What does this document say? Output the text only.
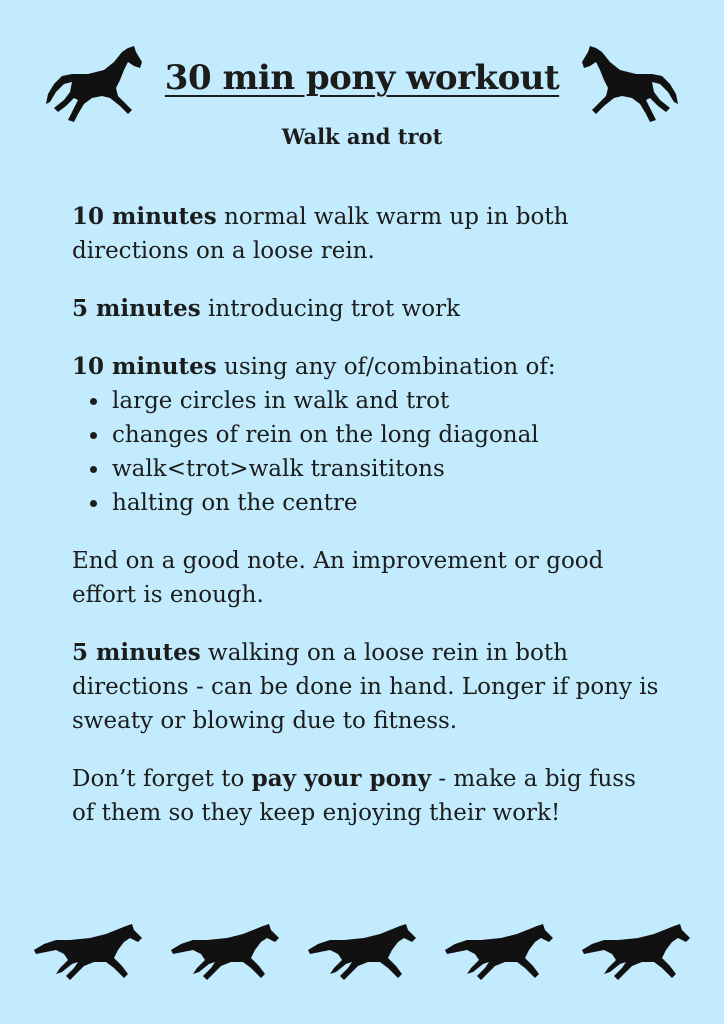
30 min pony workout
Walk and trot

10 minutes normal walk warm up in both directions on a loose rein.

5 minutes introducing trot work

10 minutes using any of/combination of:

large circles in walk and trot
changes of rein on the long diagonal
walk<trot>walk transititons
halting on the centre

End on a good note. An improvement or good effort is enough.

5 minutes walking on a loose rein in both directions - can be done in hand. Longer if pony is sweaty or blowing due to fitness.

Don’t forget to pay your pony - make a big fuss of them so they keep enjoying their work!
